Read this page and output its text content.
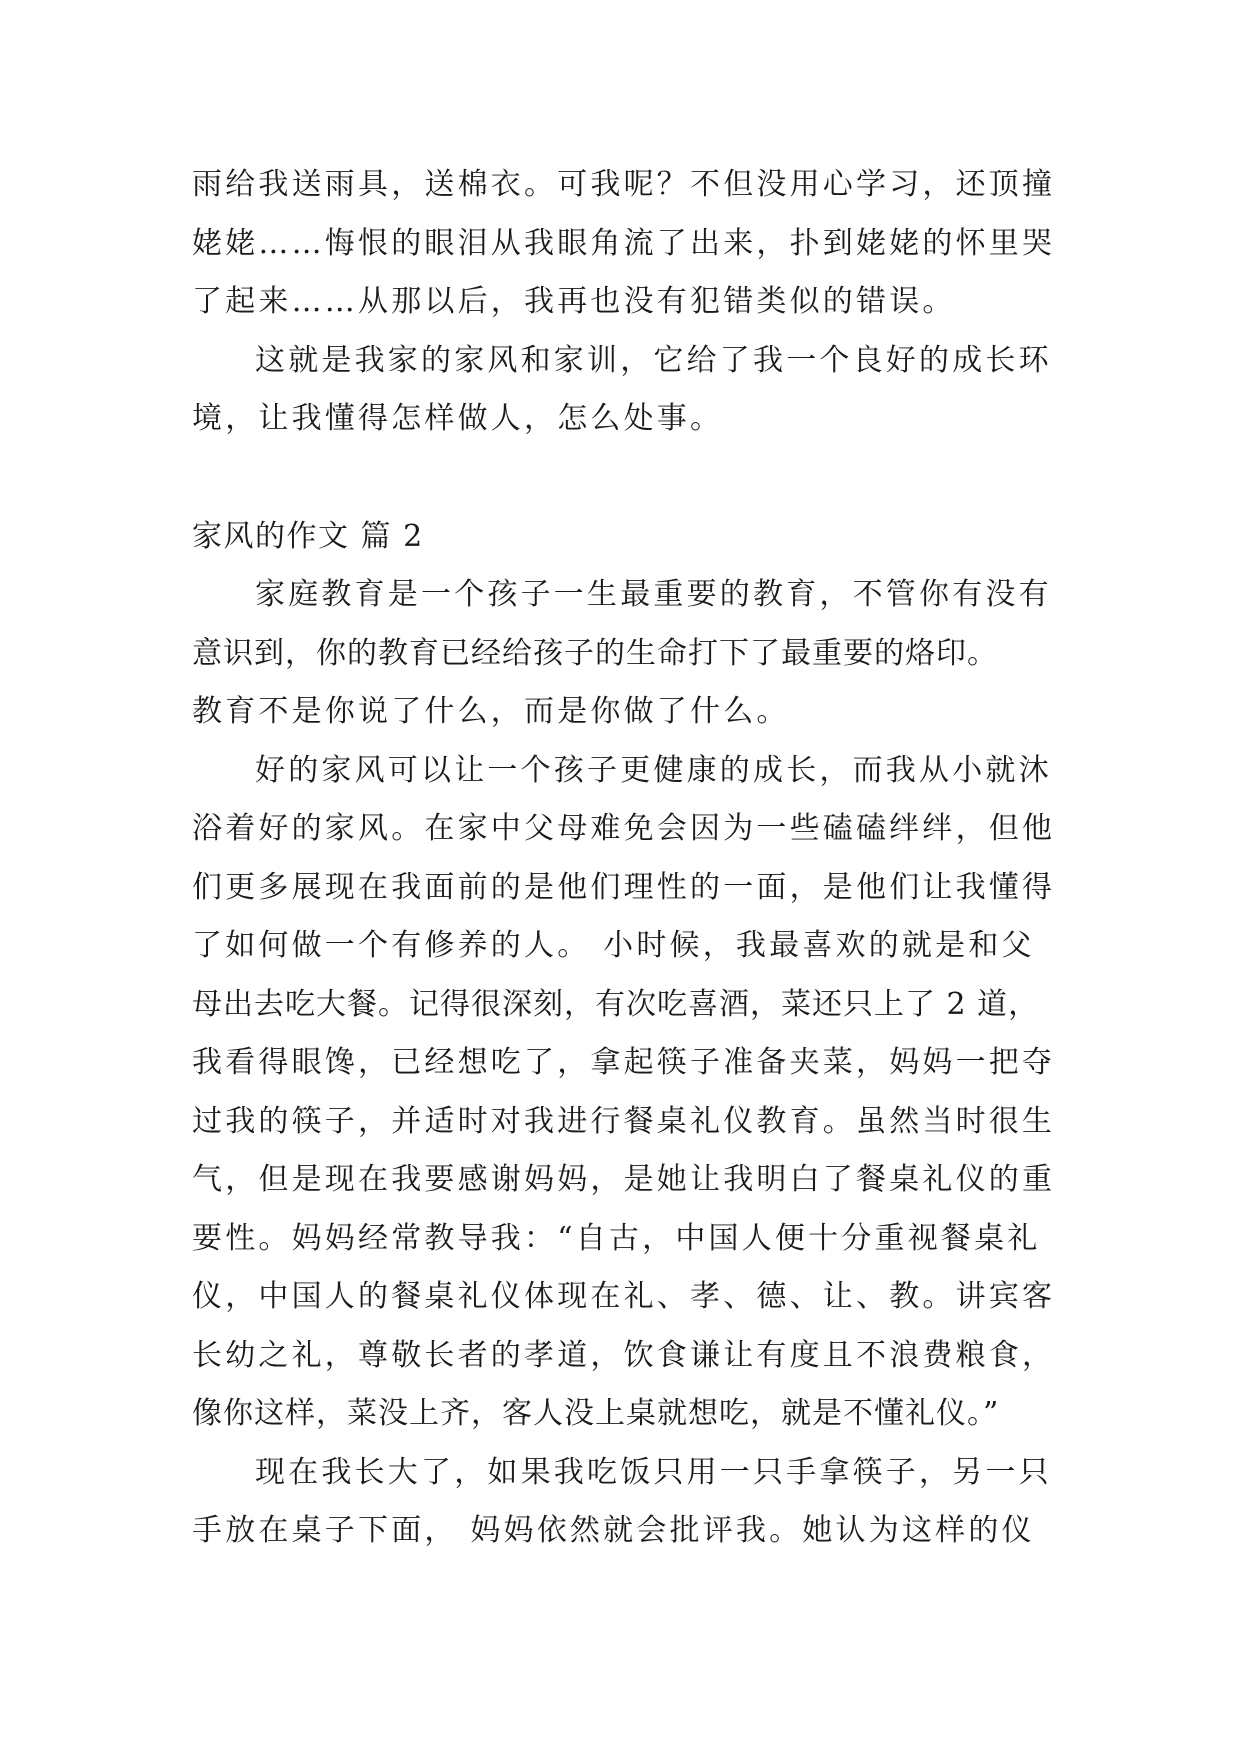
雨给我送雨具，送棉衣。可我呢？不但没用心学习，还顶撞
姥姥……悔恨的眼泪从我眼角流了出来，扑到姥姥的怀里哭
了起来……从那以后，我再也没有犯错类似的错误。
这就是我家的家风和家训，它给了我一个良好的成长环
境，让我懂得怎样做人，怎么处事。
家风的作文 篇 2
家庭教育是一个孩子一生最重要的教育，不管你有没有
意识到，你的教育已经给孩子的生命打下了最重要的烙印。
教育不是你说了什么，而是你做了什么。
好的家风可以让一个孩子更健康的成长，而我从小就沐
浴着好的家风。在家中父母难免会因为一些磕磕绊绊，但他
们更多展现在我面前的是他们理性的一面，是他们让我懂得
了如何做一个有修养的人。 小时候，我最喜欢的就是和父
母出去吃大餐。记得很深刻，有次吃喜酒，菜还只上了 2 道，
我看得眼馋，已经想吃了，拿起筷子准备夹菜，妈妈一把夺
过我的筷子，并适时对我进行餐桌礼仪教育。虽然当时很生
气，但是现在我要感谢妈妈，是她让我明白了餐桌礼仪的重
要性。妈妈经常教导我：“自古，中国人便十分重视餐桌礼
仪，中国人的餐桌礼仪体现在礼、孝、德、让、教。讲宾客
长幼之礼，尊敬长者的孝道，饮食谦让有度且不浪费粮食，
像你这样，菜没上齐，客人没上桌就想吃，就是不懂礼仪。”
现在我长大了，如果我吃饭只用一只手拿筷子，另一只
手放在桌子下面， 妈妈依然就会批评我。她认为这样的仪
